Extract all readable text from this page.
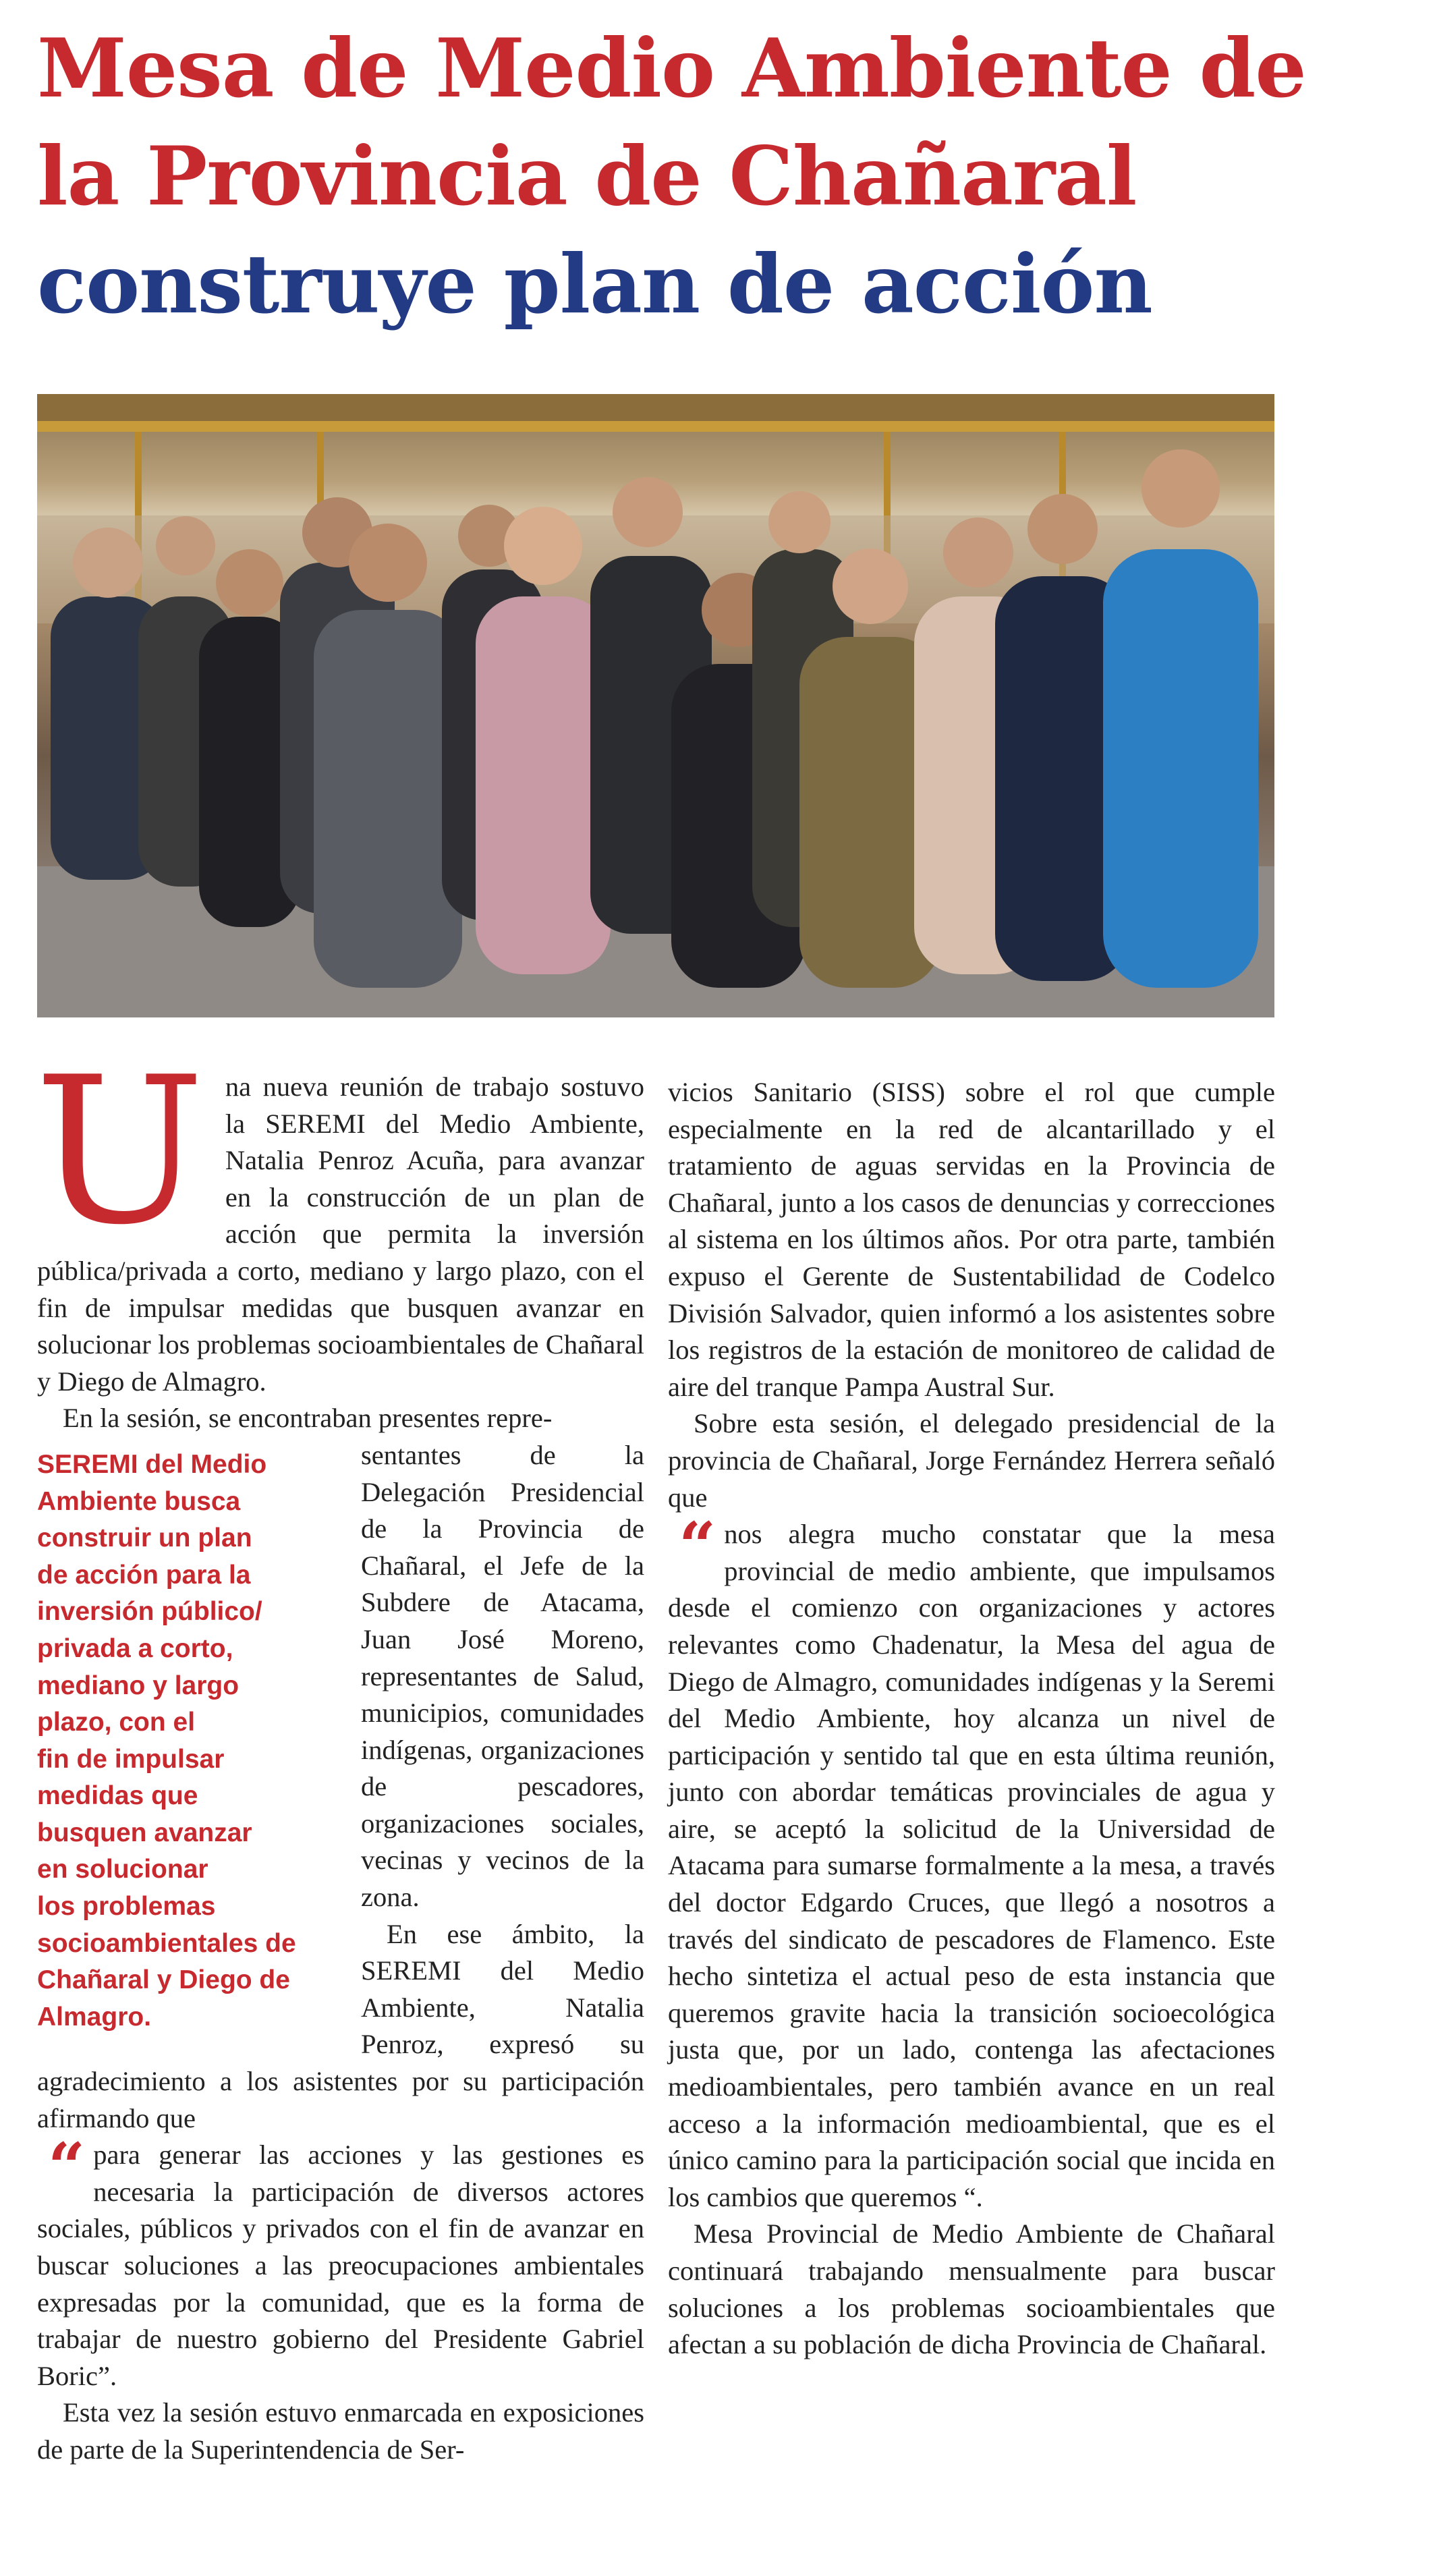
Mesa de Medio Ambiente de
la Provincia de Chañaral
construye plan de acción
U na nueva reunión de trabajo sostuvo la SEREMI del Medio Ambiente, Natalia Penroz Acuña, para avanzar en la construcción de un plan de acción que permita la inversión pública/privada a corto, mediano y largo plazo, con el fin de impulsar medidas que busquen avanzar en solucionar los problemas socioambientales de Chañaral y Diego de Almagro.

En la sesión, se encontraban presentes repre-

SEREMI del Medio
Ambiente busca
construir un plan
de acción para la
inversión público/
privada a corto,
mediano y largo
plazo, con el
fin de impulsar
medidas que
busquen avanzar
en solucionar
los problemas
socioambientales de
Chañaral y Diego de
Almagro.

sentantes de la Delegación Presidencial de la Provincia de Chañaral, el Jefe de la Subdere de Atacama, Juan José Moreno, representantes de Salud, municipios, comunidades indígenas, organizaciones de pescadores, organizaciones sociales, vecinas y vecinos de la zona.

En ese ámbito, la SEREMI del Medio Ambiente, Natalia Penroz, expresó su agradecimiento a los asistentes por su participación afirmando que

“ para generar las acciones y las gestiones es necesaria la participación de diversos actores sociales, públicos y privados con el fin de avanzar en buscar soluciones a las preocupaciones ambientales expresadas por la comunidad, que es la forma de trabajar de nuestro gobierno del Presidente Gabriel Boric”.

Esta vez la sesión estuvo enmarcada en exposiciones de parte de la Superintendencia de Ser-

vicios Sanitario (SISS) sobre el rol que cumple especialmente en la red de alcantarillado y el tratamiento de aguas servidas en la Provincia de Chañaral, junto a los casos de denuncias y correcciones al sistema en los últimos años. Por otra parte, también expuso el Gerente de Sustentabilidad de Codelco División Salvador, quien informó a los asistentes sobre los registros de la estación de monitoreo de calidad de aire del tranque Pampa Austral Sur.

Sobre esta sesión, el delegado presidencial de la provincia de Chañaral, Jorge Fernández Herrera señaló que

“ nos alegra mucho constatar que la mesa provincial de medio ambiente, que impulsamos desde el comienzo con organizaciones y actores relevantes como Chadenatur, la Mesa del agua de Diego de Almagro, comunidades indígenas y la Seremi del Medio Ambiente, hoy alcanza un nivel de participación y sentido tal que en esta última reunión, junto con abordar temáticas provinciales de agua y aire, se aceptó la solicitud de la Universidad de Atacama para sumarse formalmente a la mesa, a través del doctor Edgardo Cruces, que llegó a nosotros a través del sindicato de pescadores de Flamenco. Este hecho sintetiza el actual peso de esta instancia que queremos gravite hacia la transición socioecológica justa que, por un lado, contenga las afectaciones medioambientales, pero también avance en un real acceso a la información medioambiental, que es el único camino para la participación social que incida en los cambios que queremos “.

Mesa Provincial de Medio Ambiente de Chañaral continuará trabajando mensualmente para buscar soluciones a los problemas socioambientales que afectan a su población de dicha Provincia de Chañaral.
